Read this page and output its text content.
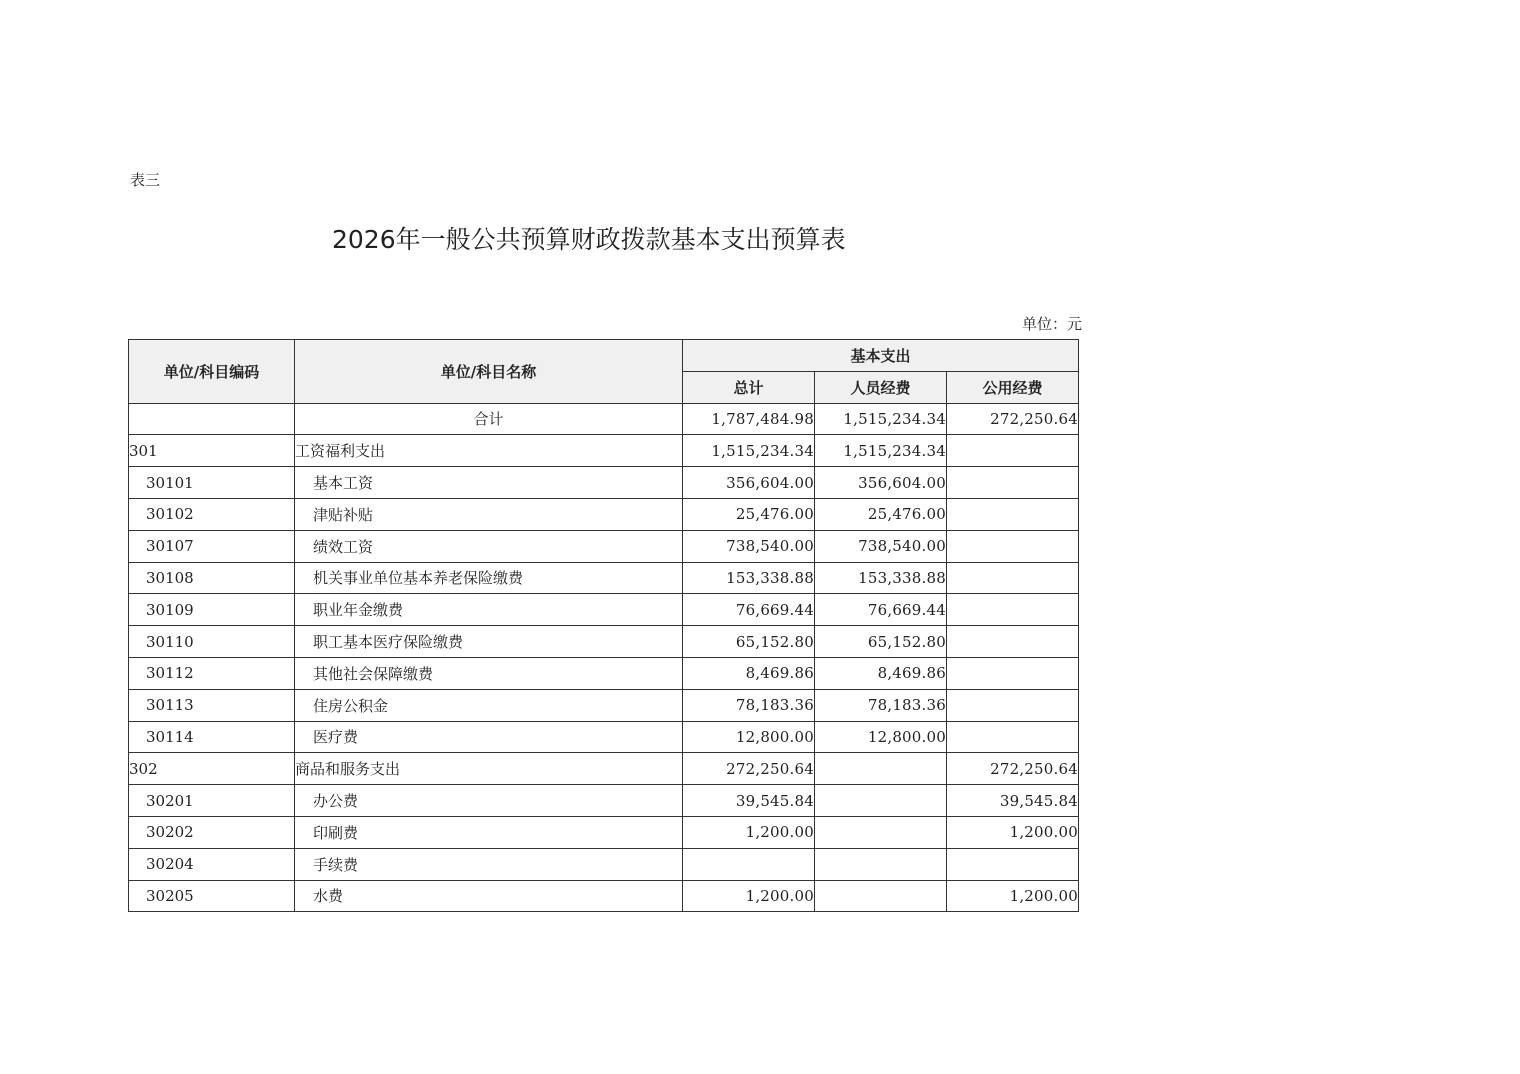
表三
2026年一般公共预算财政拨款基本支出预算表
单位：元
单位/科目编码	单位/科目名称	基本支出		
		总计	人员经费	公用经费
	合计	1,787,484.98	1,515,234.34	272,250.64
301	工资福利支出	1,515,234.34	1,515,234.34	
30101	基本工资	356,604.00	356,604.00	
30102	津贴补贴	25,476.00	25,476.00	
30107	绩效工资	738,540.00	738,540.00	
30108	机关事业单位基本养老保险缴费	153,338.88	153,338.88	
30109	职业年金缴费	76,669.44	76,669.44	
30110	职工基本医疗保险缴费	65,152.80	65,152.80	
30112	其他社会保障缴费	8,469.86	8,469.86	
30113	住房公积金	78,183.36	78,183.36	
30114	医疗费	12,800.00	12,800.00	
302	商品和服务支出	272,250.64		272,250.64
30201	办公费	39,545.84		39,545.84
30202	印刷费	1,200.00		1,200.00
30204	手续费			
30205	水费	1,200.00		1,200.00
